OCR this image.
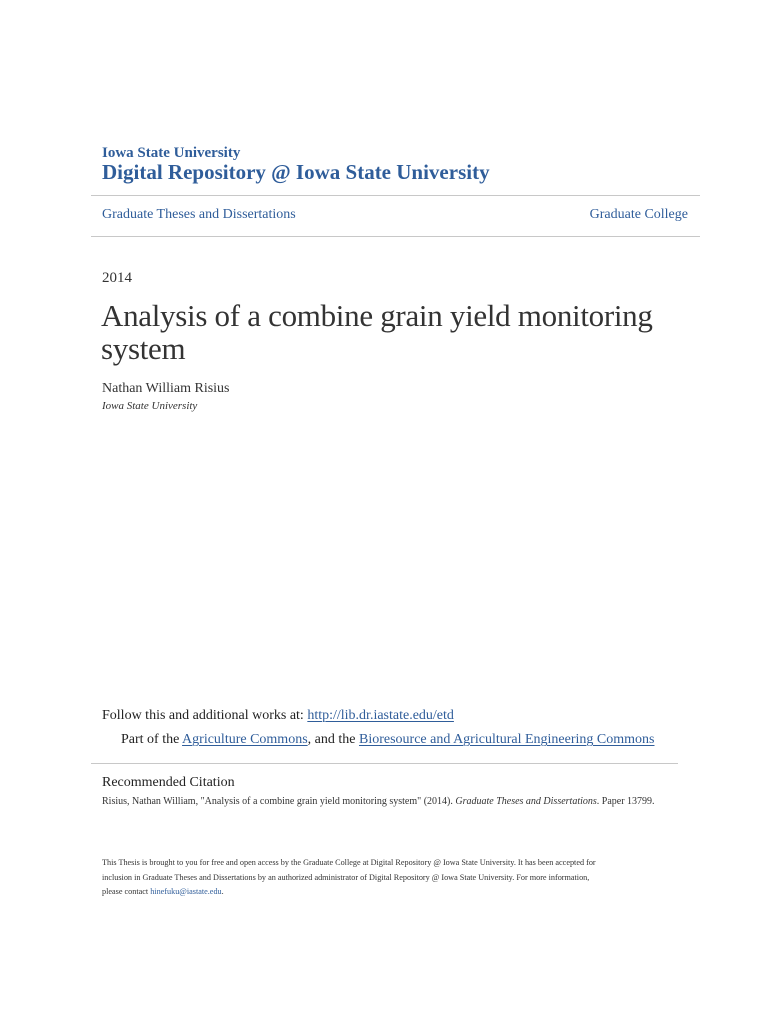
Iowa State University
Digital Repository @ Iowa State University
Graduate Theses and Dissertations	Graduate College
2014
Analysis of a combine grain yield monitoring system
Nathan William Risius
Iowa State University
Follow this and additional works at: http://lib.dr.iastate.edu/etd
Part of the Agriculture Commons, and the Bioresource and Agricultural Engineering Commons
Recommended Citation
Risius, Nathan William, "Analysis of a combine grain yield monitoring system" (2014). Graduate Theses and Dissertations. Paper 13799.
This Thesis is brought to you for free and open access by the Graduate College at Digital Repository @ Iowa State University. It has been accepted for
inclusion in Graduate Theses and Dissertations by an authorized administrator of Digital Repository @ Iowa State University. For more information,
please contact hinefuku@iastate.edu.
